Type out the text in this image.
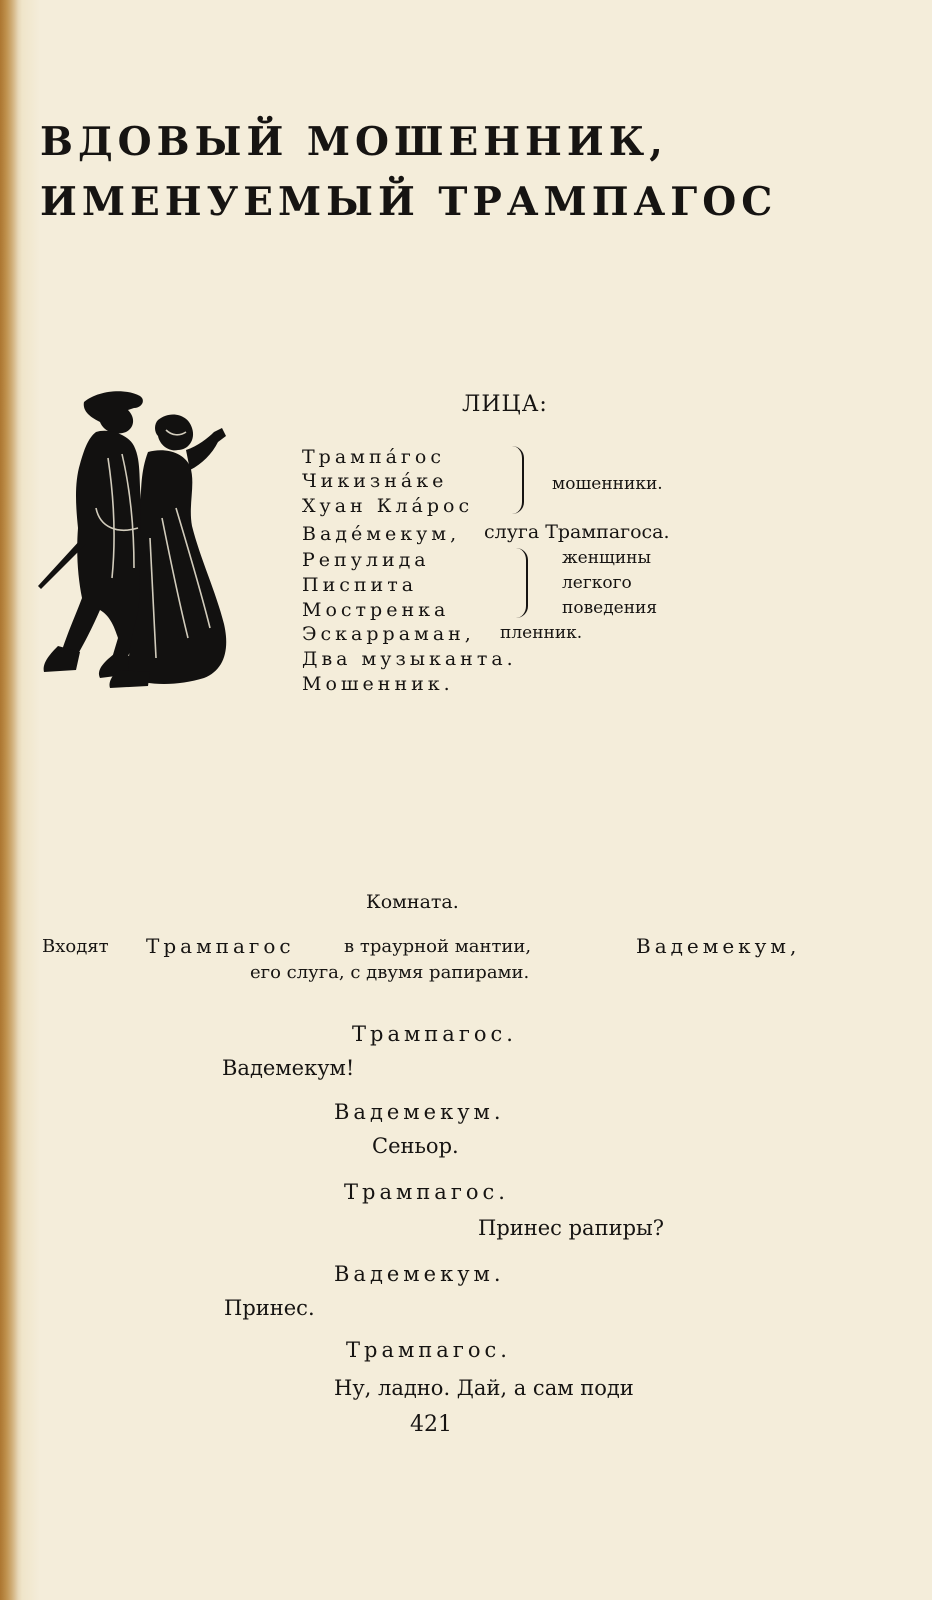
ВДОВЫЙ МОШЕННИК,
ИМЕНУЕМЫЙ ТРАМПАГОС
ЛИЦА:
Трампа́гос
Чикизна́ке
Хуан Кла́рос
мошенники.
Ваде́мекум, слуга Трампагоса.
Репулида
Писпита
Мостренка
женщины
легкого
поведения
Эскарраман, пленник.
Два музыканта.
Мошенник.
Комната.
Входят Трампагос	в траурной мантии,	Вадемекум,
его слуга, с двумя рапирами.
Трампагос.
Вадемекум!
Вадемекум.
Сеньор.
Трампагос.
Принес рапиры?
Вадемекум.
Принес.
Трампагос.
Ну, ладно. Дай, а сам поди
421
